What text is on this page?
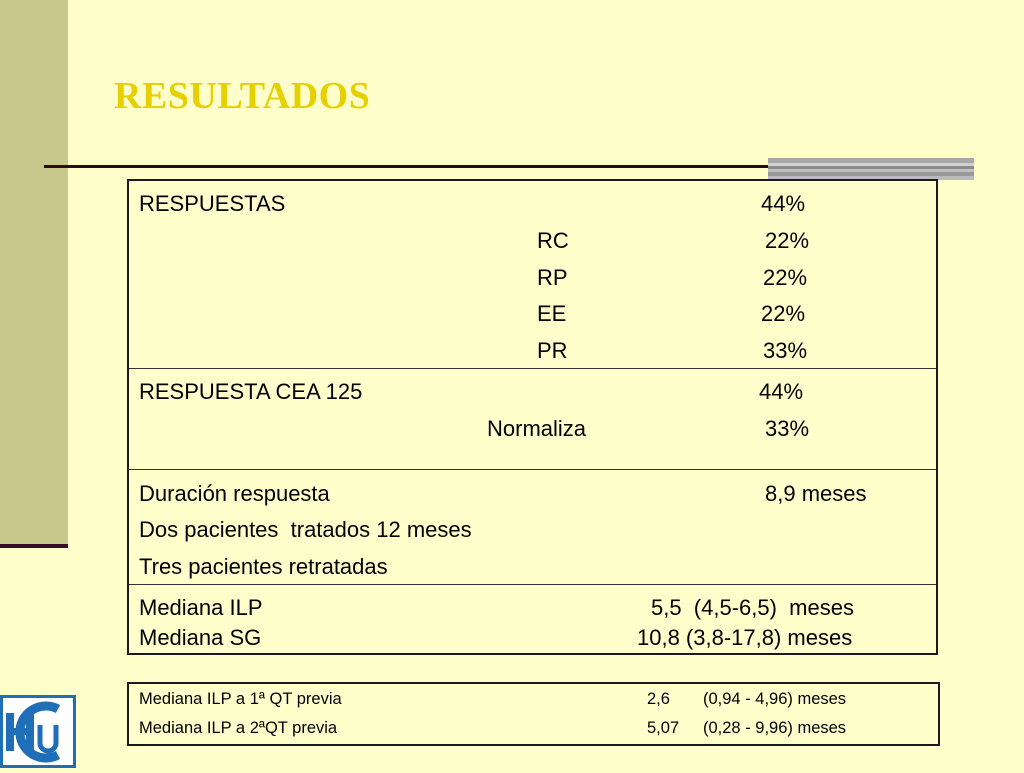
RESULTADOS
RESPUESTAS	44%
RC	22%
RP	22%
EE	22%
PR	33%
RESPUESTA CEA 125	44%
Normaliza	33%
Duración respuesta	8,9 meses
Dos pacientes  tratados 12 meses
Tres pacientes retratadas
Mediana ILP	5,5  (4,5-6,5)  meses
Mediana SG	10,8 (3,8-17,8) meses
Mediana ILP a 1ª QT previa	2,6 (0,94 - 4,96) meses
Mediana ILP a 2ªQT previa	5,07 (0,28 - 9,96) meses
